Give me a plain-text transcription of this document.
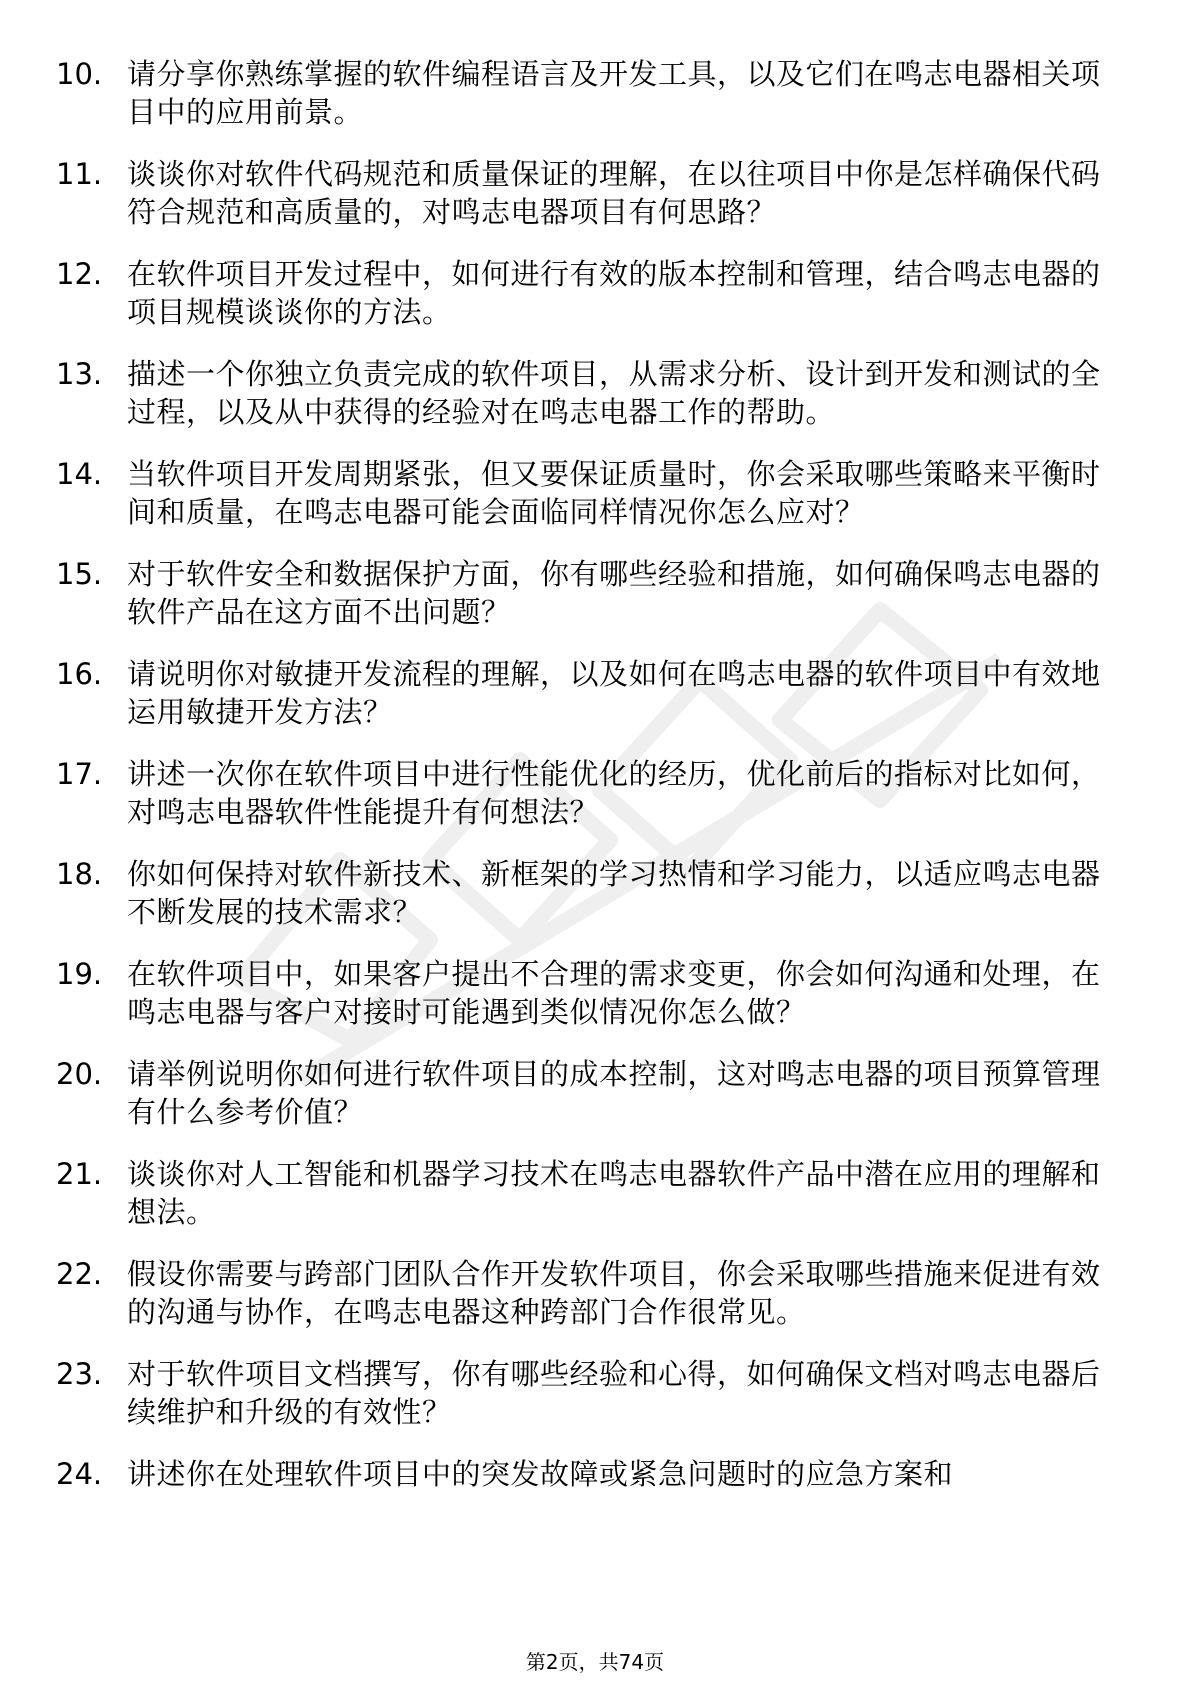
10. 请分享你熟练掌握的软件编程语言及开发工具，以及它们在鸣志电器相关项目中的应用前景。
11. 谈谈你对软件代码规范和质量保证的理解，在以往项目中你是怎样确保代码符合规范和高质量的，对鸣志电器项目有何思路？
12. 在软件项目开发过程中，如何进行有效的版本控制和管理，结合鸣志电器的项目规模谈谈你的方法。
13. 描述一个你独立负责完成的软件项目，从需求分析、设计到开发和测试的全过程，以及从中获得的经验对在鸣志电器工作的帮助。
14. 当软件项目开发周期紧张，但又要保证质量时，你会采取哪些策略来平衡时间和质量，在鸣志电器可能会面临同样情况你怎么应对？
15. 对于软件安全和数据保护方面，你有哪些经验和措施，如何确保鸣志电器的软件产品在这方面不出问题？
16. 请说明你对敏捷开发流程的理解，以及如何在鸣志电器的软件项目中有效地运用敏捷开发方法？
17. 讲述一次你在软件项目中进行性能优化的经历，优化前后的指标对比如何，对鸣志电器软件性能提升有何想法？
18. 你如何保持对软件新技术、新框架的学习热情和学习能力，以适应鸣志电器不断发展的技术需求？
19. 在软件项目中，如果客户提出不合理的需求变更，你会如何沟通和处理，在鸣志电器与客户对接时可能遇到类似情况你怎么做？
20. 请举例说明你如何进行软件项目的成本控制，这对鸣志电器的项目预算管理有什么参考价值？
21. 谈谈你对人工智能和机器学习技术在鸣志电器软件产品中潜在应用的理解和想法。
22. 假设你需要与跨部门团队合作开发软件项目，你会采取哪些措施来促进有效的沟通与协作，在鸣志电器这种跨部门合作很常见。
23. 对于软件项目文档撰写，你有哪些经验和心得，如何确保文档对鸣志电器后续维护和升级的有效性？
24. 讲述你在处理软件项目中的突发故障或紧急问题时的应急方案和
第2页，共74页
